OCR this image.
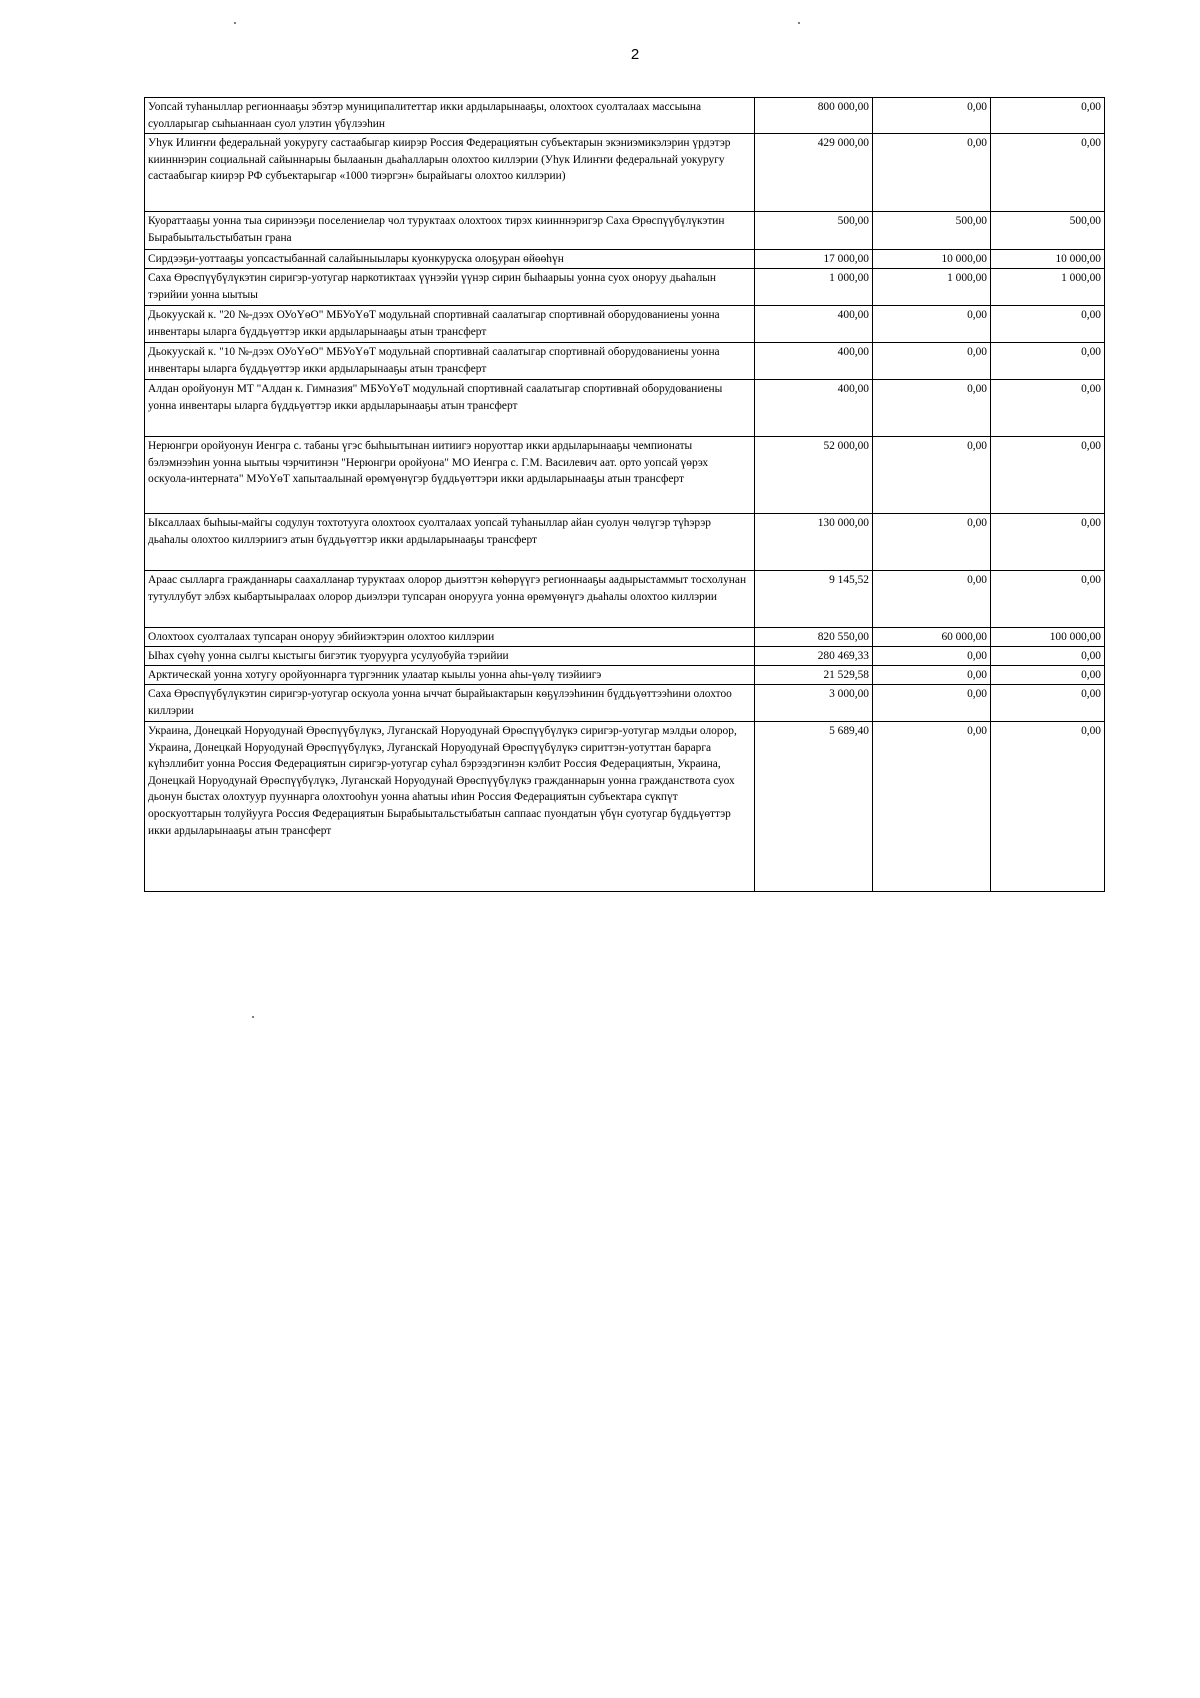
2
Уопсай туһаныллар регионнааҕы эбэтэр муниципалитеттар икки ардыларынааҕы, олохтоох суолталаах массыына суолларыгар сыһыаннаан суол улэтин үбүлээһин	800 000,00	0,00	0,00
Уһук Илиҥҥи федеральнай уокуругу састаабыгар киирэр Россия Федерациятын субъектарын экэниэмикэлэрин үрдэтэр киинннэрин социальнай сайыннарыы былаанын дьаһалларын олохтоо киллэрии (Уһук Илиҥҥи федеральнай уокуругу састаабыгар киирэр РФ субъектарыгар «1000 тиэргэн» бырайыагы олохтоо киллэрии)	429 000,00	0,00	0,00
Куораттааҕы уонна тыа сиринээҕи поселениелар чол туруктаах олохтоох тирэх киинннэригэр Саха Өрөспүүбүлүкэтин Бырабыытальстыбатын грана	500,00	500,00	500,00
Сирдээҕи-уоттааҕы уопсастыбаннай салайыныылары куонкуруска олоҕуран өйөөһүн	17 000,00	10 000,00	10 000,00
Саха Өрөспүүбүлүкэтин сиригэр-уотугар наркотиктаах үүнээйи үүнэр сирин быһаарыы уонна суох оноруу дьаһалын тэрийии уонна ыытыы	1 000,00	1 000,00	1 000,00
Дьокуускай к. "20 №-дээх ОУоҮөО" МБУоҮөТ модульнай спортивнай саалатыгар спортивнай оборудованиены уонна инвентары ыларга бүддьүөттэр икки ардыларынааҕы атын трансферт	400,00	0,00	0,00
Дьокуускай к. "10 №-дээх ОУоҮөО" МБУоҮөТ модульнай спортивнай саалатыгар спортивнай оборудованиены уонна инвентары ыларга бүддьүөттэр икки ардыларынааҕы атын трансферт	400,00	0,00	0,00
Алдан оройуонун МТ "Алдан к. Гимназия" МБУоҮөТ модульнай спортивнай саалатыгар спортивнай оборудованиены уонна инвентары ыларга бүддьүөттэр икки ардыларынааҕы атын трансферт	400,00	0,00	0,00
Нерюнгри оройуонун Иенгра с. табаны үгэс быһыытынан иитиигэ норуоттар икки ардыларынааҕы чемпионаты бэлэмнээһин уонна ыытыы чэрчитинэн "Нерюнгри оройуона" МО Иенгра с. Г.М. Василевич аат. орто уопсай үөрэх оскуола-интерната" МУоҮөТ хапытаалынай өрөмүөнүгэр бүддьүөттэри икки ардыларынааҕы атын трансферт	52 000,00	0,00	0,00
Ыксаллаах быһыы-майгы содулун тохтотууга олохтоох суолталаах уопсай туһаныллар айан суолун чөлүгэр түһэрэр дьаһалы олохтоо киллэриигэ атын бүддьүөттэр икки ардыларынааҕы трансферт	130 000,00	0,00	0,00
Араас сылларга гражданнары саахалланар туруктаах олорор дьиэттэн көһөрүүгэ регионнааҕы аадырыстаммыт тосхолунан тутуллубут элбэх кыбартыыралаах олорор дьиэлэри тупсаран оноруугa уонна өрөмүөнүгэ дьаһалы олохтоо киллэрии	9 145,52	0,00	0,00
Олохтоох суолталаах тупсаран оноруу эбийиэктэрин олохтоо киллэрии	820 550,00	60 000,00	100 000,00
Ыһах сүөһү уонна сылгы кыстыгы бигэтик туоруурга усулуобуйа тэрийии	280 469,33	0,00	0,00
Арктическай уонна хотугу оройуоннарга түргэнник улаатар кыылы уонна аһы-үөлү тиэйиигэ	21 529,58	0,00	0,00
Саха Өрөспүүбүлүкэтин сиригэр-уотугар оскуола уонна ыччат бырайыактарын көҕүлээһинин бүддьүөттээһини олохтоо киллэрии	3 000,00	0,00	0,00
Украина, Донецкай Норуодунай Өрөспүүбүлүкэ, Луганскай Норуодунай Өрөспүүбүлүкэ сиригэр-уотугар мэлдьи олорор, Украина, Донецкай Норуодунай Өрөспүүбүлүкэ, Луганскай Норуодунай Өрөспүүбүлүкэ сириттэн-уотуттан бараргa күһэллибит уонна Россия Федерациятын сиригэр-уотугар суһал бэрээдэгинэн кэлбит Россия Федерациятын, Украина, Донецкай Норуодунай Өрөспүүбүлүкэ, Луганскай Норуодунай Өрөспүүбүлүкэ гражданнарын уонна гражданствота суох дьонун быстах олохтуур пууннарга олохтооһун уонна аһатыы иһин Россия Федерациятын субъектара сүкпүт ороскуоттарын толуйууга Россия Федерациятын Бырабыытальстыбатын саппаас пуондатын үбүн суотугар бүддьүөттэр икки ардыларынааҕы атын трансферт	5 689,40	0,00	0,00
